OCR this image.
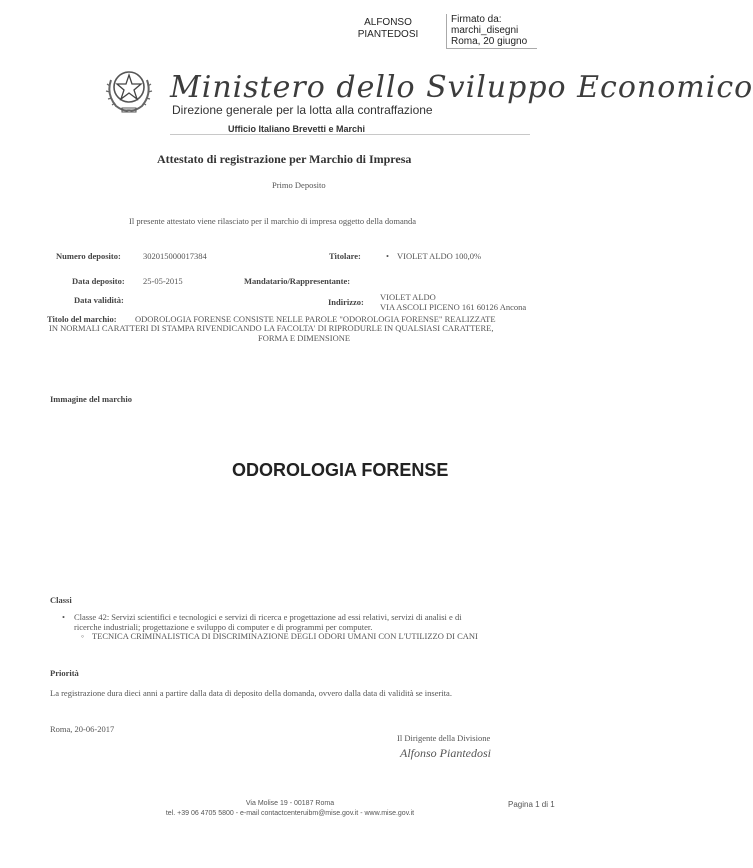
ALFONSO PIANTEDOSI
Firmato da:
marchi_disegni
Roma, 20 giugno
Ministero dello Sviluppo Economico
Direzione generale per la lotta alla contraffazione
Ufficio Italiano Brevetti e Marchi
Attestato di registrazione per Marchio di Impresa
Primo Deposito
Il presente attestato viene rilasciato per il marchio di impresa oggetto della domanda
Numero deposito:	302015000017384	Titolare:	• VIOLET ALDO 100,0%
Data deposito: 25-05-2015	Mandatario/Rappresentante:
Data validità:	Indirizzo: VIOLET ALDO
VIA ASCOLI PICENO 161 60126 Ancona
Titolo del marchio: ODOROLOGIA FORENSE CONSISTE NELLE PAROLE "ODOROLOGIA FORENSE" REALIZZATE
IN NORMALI CARATTERI DI STAMPA RIVENDICANDO LA FACOLTA' DI RIPRODURLE IN QUALSIASI CARATTERE,
FORMA E DIMENSIONE
Immagine del marchio
ODOROLOGIA FORENSE
Classi
• Classe 42: Servizi scientifici e tecnologici e servizi di ricerca e progettazione ad essi relativi, servizi di analisi e di
ricerche industriali; progettazione e sviluppo di computer e di programmi per computer.
◦ TECNICA CRIMINALISTICA DI DISCRIMINAZIONE DEGLI ODORI UMANI CON L'UTILIZZO DI CANI
Priorità
La registrazione dura dieci anni a partire dalla data di deposito della domanda, ovvero dalla data di validità se inserita.
Roma, 20-06-2017
Il Dirigente della Divisione
Alfonso Piantedosi
Via Molise 19 - 00187 Roma
tel. +39 06 4705 5800 - e-mail contactcenteruibm@mise.gov.it - www.mise.gov.it
Pagina 1 di 1
